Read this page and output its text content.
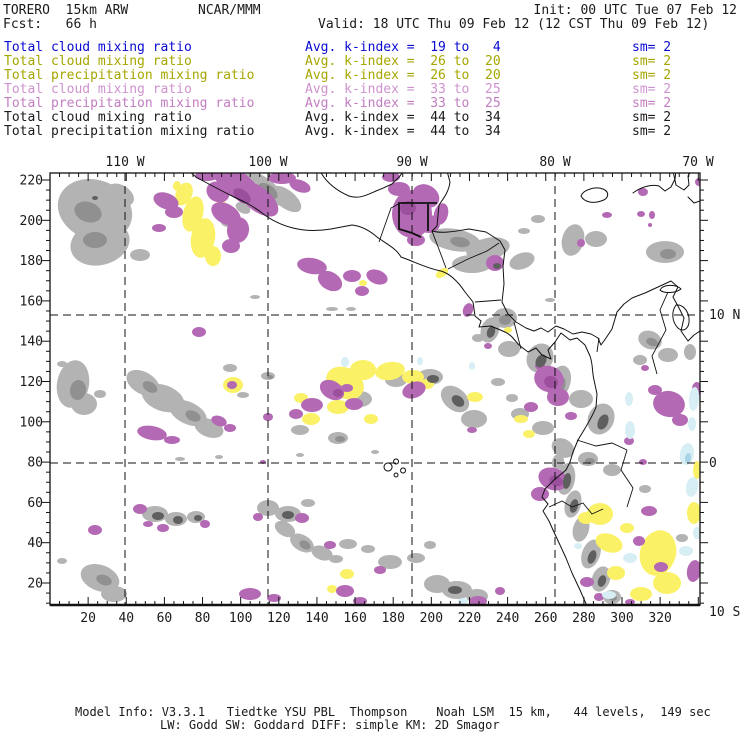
110 W	100 W	90 W	80 W	70 W
10 N
0
10 S
220
200
180
160
140
120
100
80
60
40
20
20 40 60 80 100 120 140 160 180 200 220 240 260 280 300 320
TORERO  15km ARW	NCAR/MMM	Init: 00 UTC Tue 07 Feb 12
Fcst:   66 h	Valid: 18 UTC Thu 09 Feb 12 (12 CST Thu 09 Feb 12)
Total cloud mixing ratio	Avg. k-index =  19 to   4	sm= 2
Total cloud mixing ratio	Avg. k-index =  26 to  20	sm= 2
Total precipitation mixing ratio	Avg. k-index =  26 to  20	sm= 2
Total cloud mixing ratio	Avg. k-index =  33 to  25	sm= 2
Total precipitation mixing ratio	Avg. k-index =  33 to  25	sm= 2
Total cloud mixing ratio	Avg. k-index =  44 to  34	sm= 2
Total precipitation mixing ratio	Avg. k-index =  44 to  34	sm= 2
Model Info: V3.3.1   Tiedtke YSU PBL  Thompson    Noah LSM  15 km,   44 levels,  149 sec
LW: Godd SW: Goddard DIFF: simple KM: 2D Smagor
